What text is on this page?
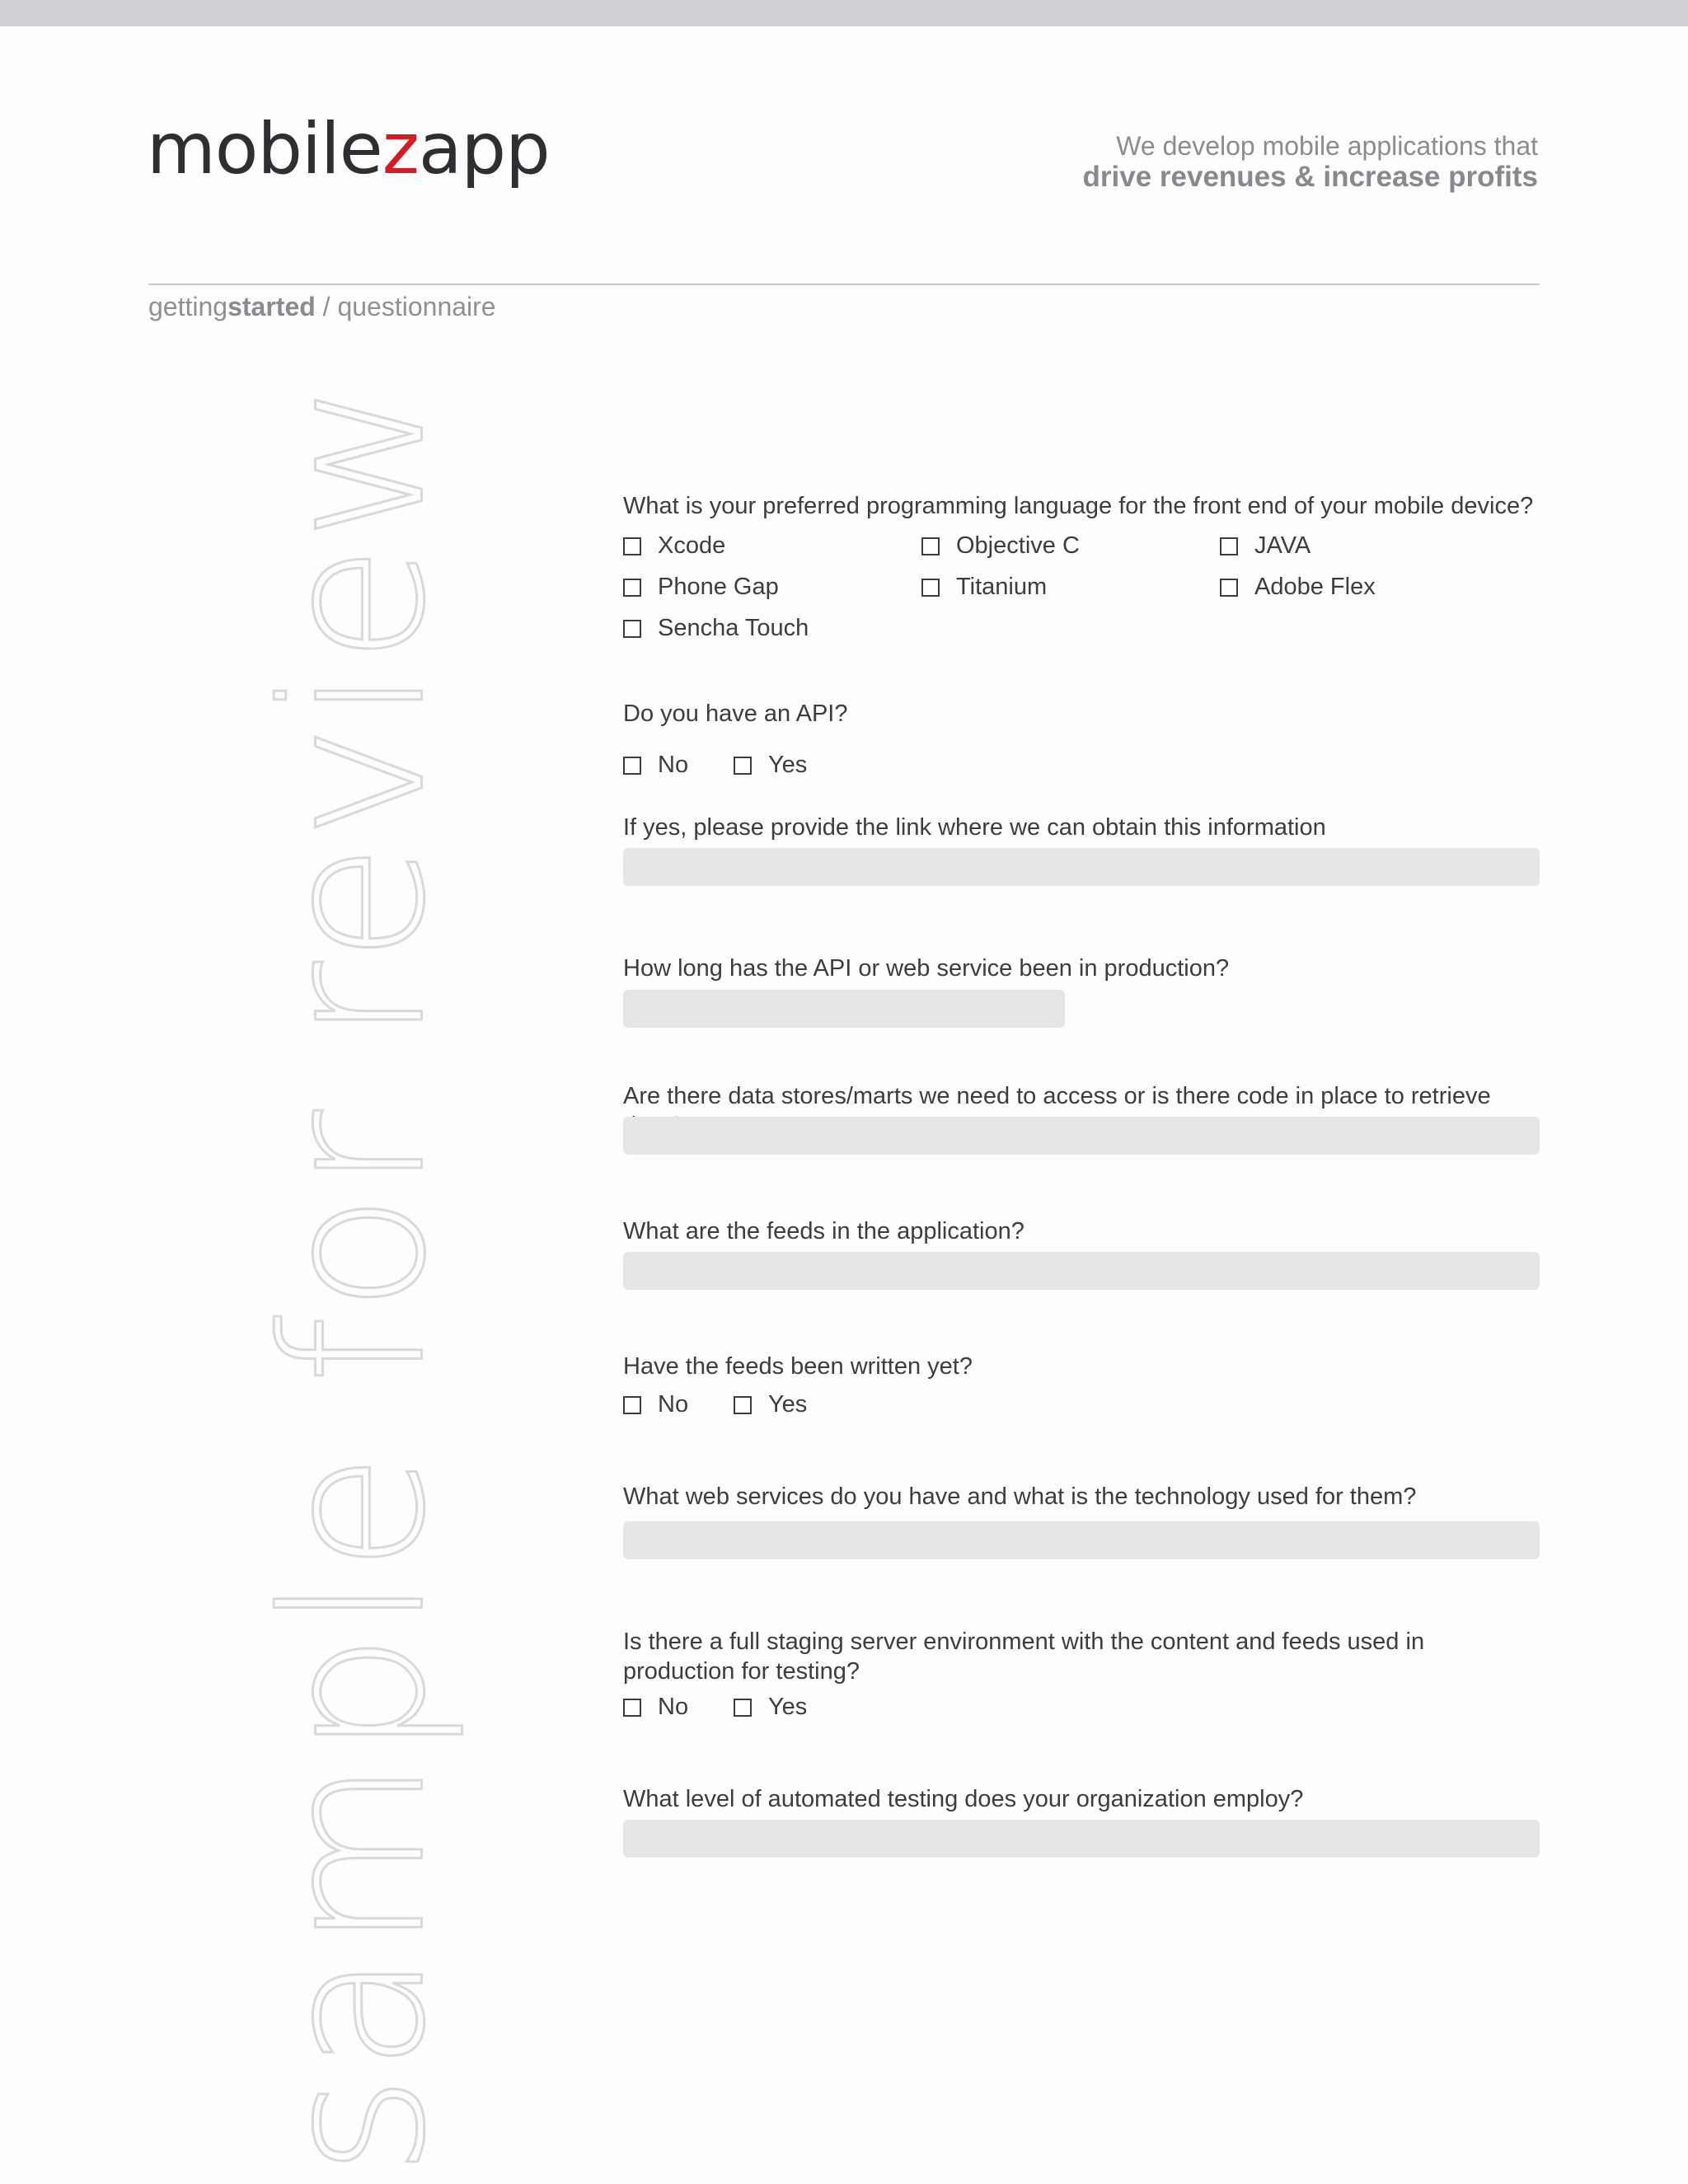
mobilezapp	We develop mobile applications that
drive revenues & increase profits
gettingstarted / questionnaire
sample for review	What is your preferred programming language for the front end of your mobile device?
Xcode	Objective C	JAVA
Phone Gap	Titanium	Adobe Flex
Sencha Touch
Do you have an API?
No	Yes
If yes, please provide the link where we can obtain this information
How long has the API or web service been in production?
Are there data stores/marts we need to access or is there code in place to retrieve
What are the feeds in the application?
Have the feeds been written yet?
No	Yes
What web services do you have and what is the technology used for them?
Is there a full staging server environment with the content and feeds used in production for testing?
No	Yes
What level of automated testing does your organization employ?
